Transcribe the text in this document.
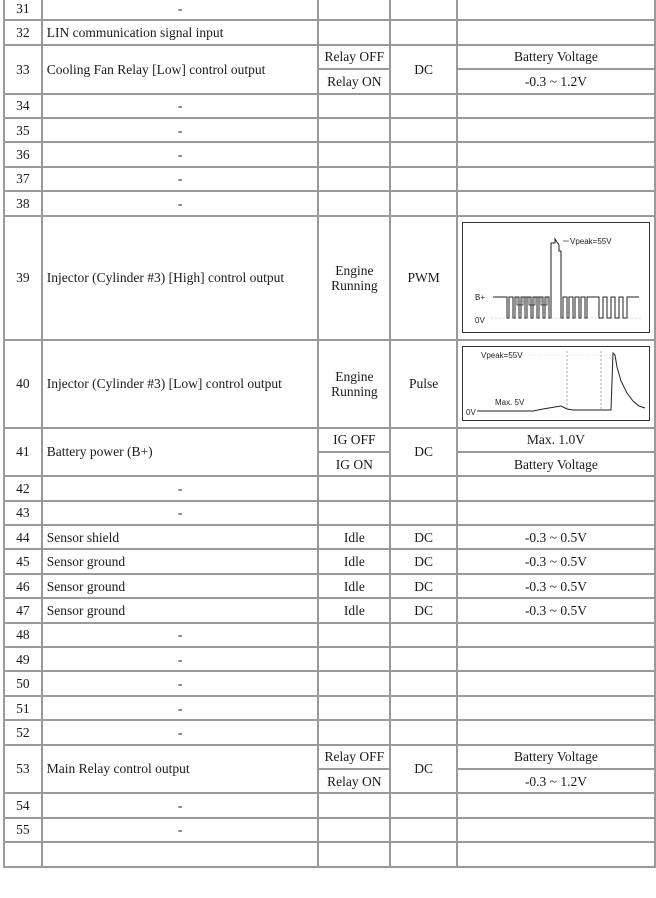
31	-			
32	LIN communication signal input			
33	Cooling Fan Relay [Low] control output	Relay OFF	DC	Battery Voltage
		Relay ON		-0.3 ~ 1.2V
34	-			
35	-			
36	-			
37	-			
38	-			
39	Injector (Cylinder #3) [High] control output	Engine Running	PWM	Vpeak=55V
B+
0V

40	Injector (Cylinder #3) [Low] control output	Engine Running	Pulse	Vpeak=55V
Max. 5V
0V

41	Battery power (B+)	IG OFF	DC	Max. 1.0V
		IG ON		Battery Voltage
42	-			
43	-			
44	Sensor shield	Idle	DC	-0.3 ~ 0.5V
45	Sensor ground	Idle	DC	-0.3 ~ 0.5V
46	Sensor ground	Idle	DC	-0.3 ~ 0.5V
47	Sensor ground	Idle	DC	-0.3 ~ 0.5V
48	-			
49	-			
50	-			
51	-			
52	-			
53	Main Relay control output	Relay OFF	DC	Battery Voltage
		Relay ON		-0.3 ~ 1.2V
54	-			
55	-			
